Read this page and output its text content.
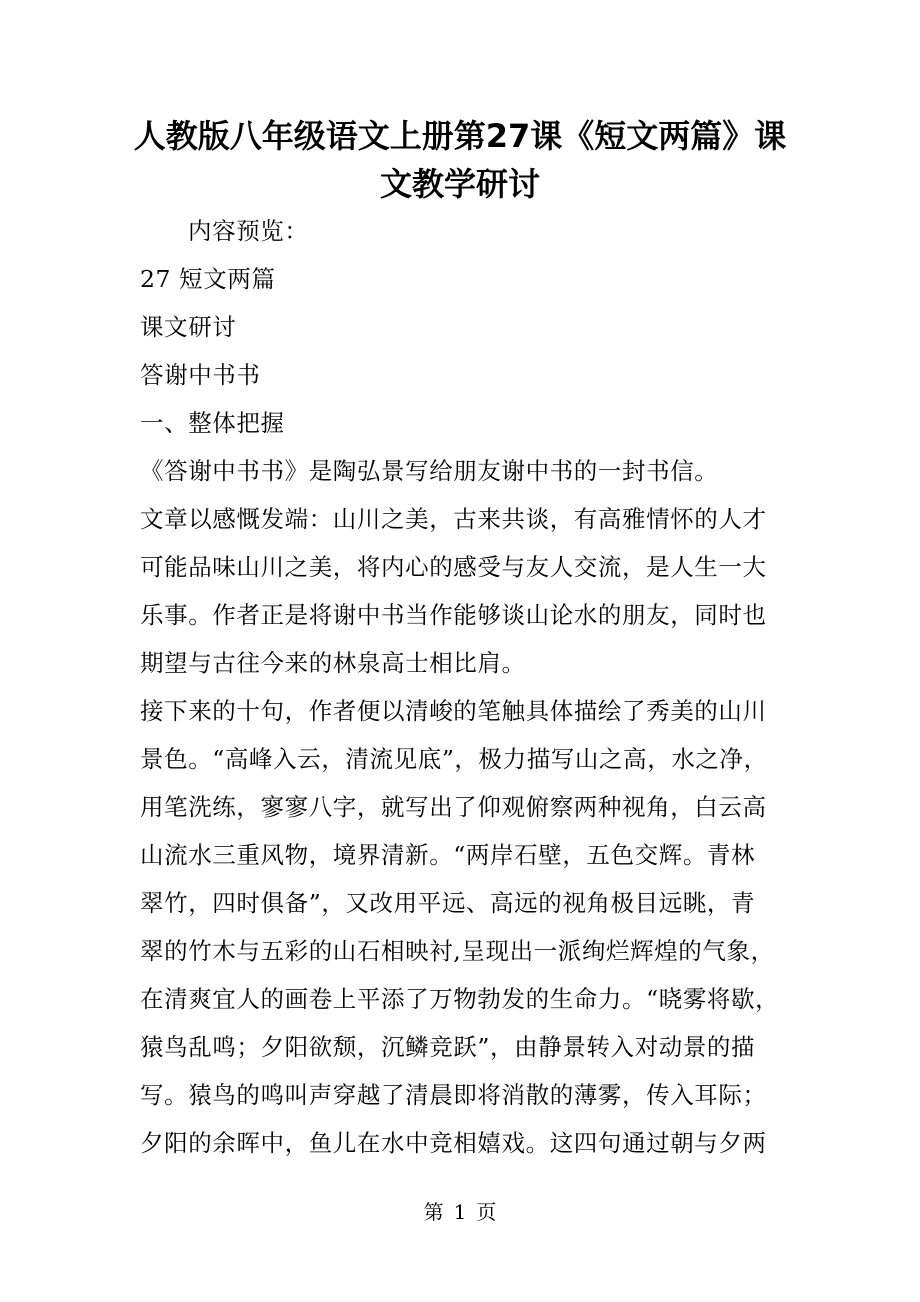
人教版八年级语文上册第27课《短文两篇》课
文教学研讨

内容预览：

27 短文两篇

课文研讨

答谢中书书

一、整体把握

《答谢中书书》是陶弘景写给朋友谢中书的一封书信。

文章以感慨发端：山川之美，古来共谈，有高雅情怀的人才

可能品味山川之美，将内心的感受与友人交流，是人生一大

乐事。作者正是将谢中书当作能够谈山论水的朋友，同时也

期望与古往今来的林泉高士相比肩。

接下来的十句，作者便以清峻的笔触具体描绘了秀美的山川

景色。“高峰入云，清流见底”，极力描写山之高，水之净，

用笔洗练，寥寥八字，就写出了仰观俯察两种视角，白云高

山流水三重风物，境界清新。“两岸石壁，五色交辉。青林

翠竹，四时俱备”，又改用平远、高远的视角极目远眺，青

翠的竹木与五彩的山石相映衬,呈现出一派绚烂辉煌的气象，

在清爽宜人的画卷上平添了万物勃发的生命力。“晓雾将歇，

猿鸟乱鸣；夕阳欲颓，沉鳞竞跃”，由静景转入对动景的描

写。猿鸟的鸣叫声穿越了清晨即将消散的薄雾，传入耳际；

夕阳的余晖中，鱼儿在水中竞相嬉戏。这四句通过朝与夕两

第 1 页
